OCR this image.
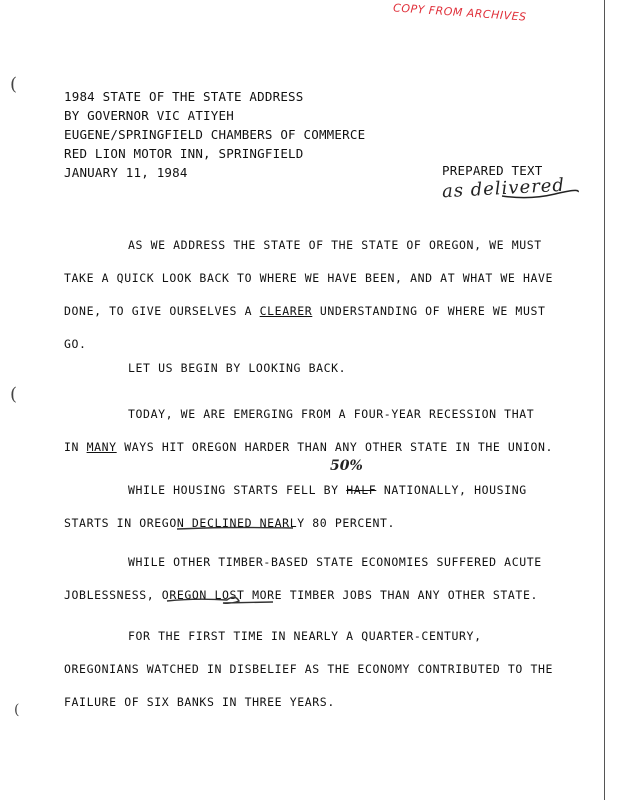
COPY FROM ARCHIVES
(
(
(
1984 STATE OF THE STATE ADDRESS
BY GOVERNOR VIC ATIYEH
EUGENE/SPRINGFIELD CHAMBERS OF COMMERCE
RED LION MOTOR INN, SPRINGFIELD
JANUARY 11, 1984	PREPARED TEXT
as delivered
AS WE ADDRESS THE STATE OF THE STATE OF OREGON, WE MUST
TAKE A QUICK LOOK BACK TO WHERE WE HAVE BEEN, AND AT WHAT WE HAVE
DONE, TO GIVE OURSELVES A CLEARER UNDERSTANDING OF WHERE WE MUST
GO.
LET US BEGIN BY LOOKING BACK.
TODAY, WE ARE EMERGING FROM A FOUR-YEAR RECESSION THAT
IN MANY WAYS HIT OREGON HARDER THAN ANY OTHER STATE IN THE UNION.
WHILE HOUSING STARTS FELL BY HALF NATIONALLY, HOUSING
STARTS IN OREGON DECLINED NEARLY 80 PERCENT.
50%
WHILE OTHER TIMBER-BASED STATE ECONOMIES SUFFERED ACUTE
JOBLESSNESS, OREGON LOST MORE TIMBER JOBS THAN ANY OTHER STATE.
FOR THE FIRST TIME IN NEARLY A QUARTER-CENTURY,
OREGONIANS WATCHED IN DISBELIEF AS THE ECONOMY CONTRIBUTED TO THE
FAILURE OF SIX BANKS IN THREE YEARS.
